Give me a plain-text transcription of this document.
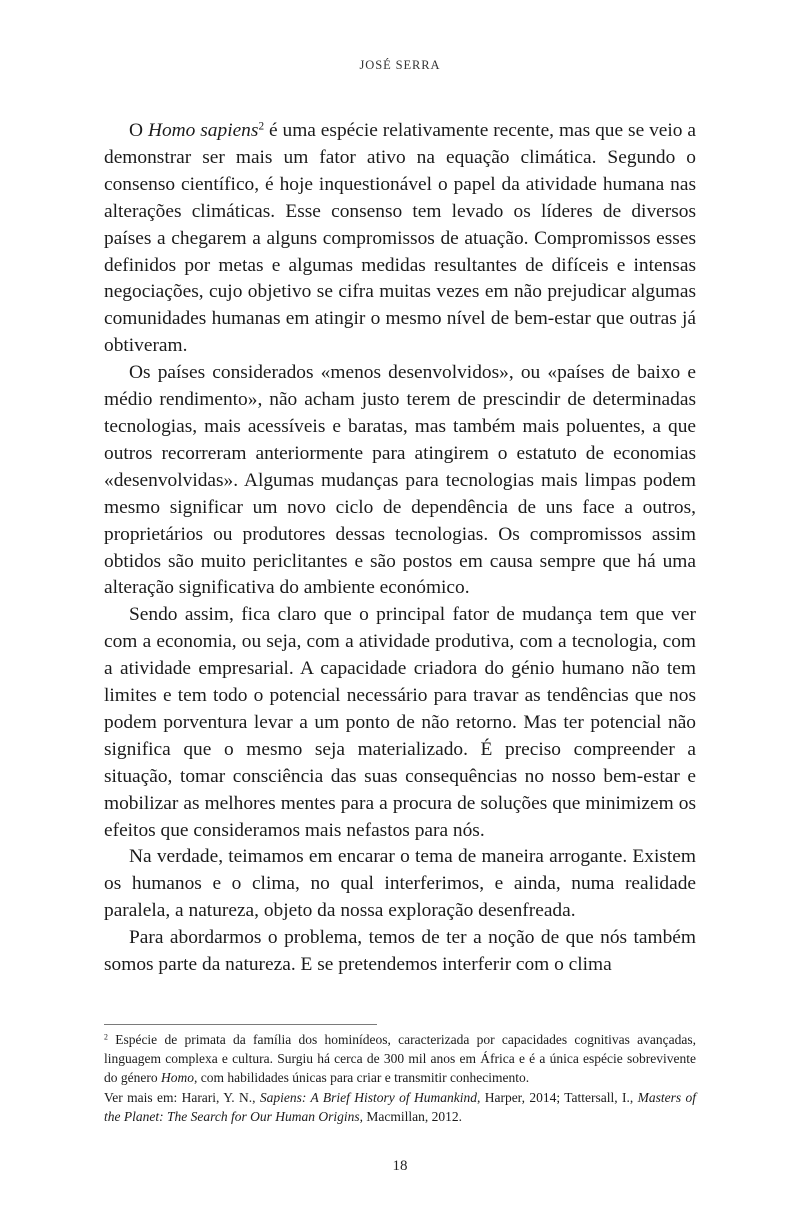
JOSÉ SERRA

O Homo sapiens$^2$ é uma espécie relativamente recente, mas que se veio a demonstrar ser mais um fator ativo na equação climática. Segundo o consenso científico, é hoje inquestionável o papel da atividade humana nas alterações climáticas. Esse consenso tem levado os líderes de diversos países a chegarem a alguns compromissos de atuação. Compromissos esses definidos por metas e algumas medidas resultantes de difíceis e intensas negociações, cujo objetivo se cifra muitas vezes em não prejudicar algumas comunidades humanas em atingir o mesmo nível de bem-estar que outras já obtiveram.

Os países considerados «menos desenvolvidos», ou «países de baixo e médio rendimento», não acham justo terem de prescindir de determinadas tecnologias, mais acessíveis e baratas, mas também mais poluentes, a que outros recorreram anteriormente para atingirem o estatuto de economias «desenvolvidas». Algumas mudanças para tecnologias mais limpas podem mesmo significar um novo ciclo de dependência de uns face a outros, proprietários ou produtores dessas tecnologias. Os compromissos assim obtidos são muito periclitantes e são postos em causa sempre que há uma alteração significativa do ambiente económico.

Sendo assim, fica claro que o principal fator de mudança tem que ver com a economia, ou seja, com a atividade produtiva, com a tecnologia, com a atividade empresarial. A capacidade criadora do génio humano não tem limites e tem todo o potencial necessário para travar as tendências que nos podem porventura levar a um ponto de não retorno. Mas ter potencial não significa que o mesmo seja materializado. É preciso compreender a situação, tomar consciência das suas consequências no nosso bem-estar e mobilizar as melhores mentes para a procura de soluções que minimizem os efeitos que consideramos mais nefastos para nós.

Na verdade, teimamos em encarar o tema de maneira arrogante. Existem os humanos e o clima, no qual interferimos, e ainda, numa realidade paralela, a natureza, objeto da nossa exploração desenfreada.

Para abordarmos o problema, temos de ter a noção de que nós também somos parte da natureza. E se pretendemos interferir com o clima

$^2$ Espécie de primata da família dos hominídeos, caracterizada por capacidades cognitivas avançadas, linguagem complexa e cultura. Surgiu há cerca de 300 mil anos em África e é a única espécie sobrevivente do género Homo, com habilidades únicas para criar e transmitir conhecimento.

Ver mais em: Harari, Y. N., Sapiens: A Brief History of Humankind, Harper, 2014; Tattersall, I., Masters of the Planet: The Search for Our Human Origins, Macmillan, 2012.

18
